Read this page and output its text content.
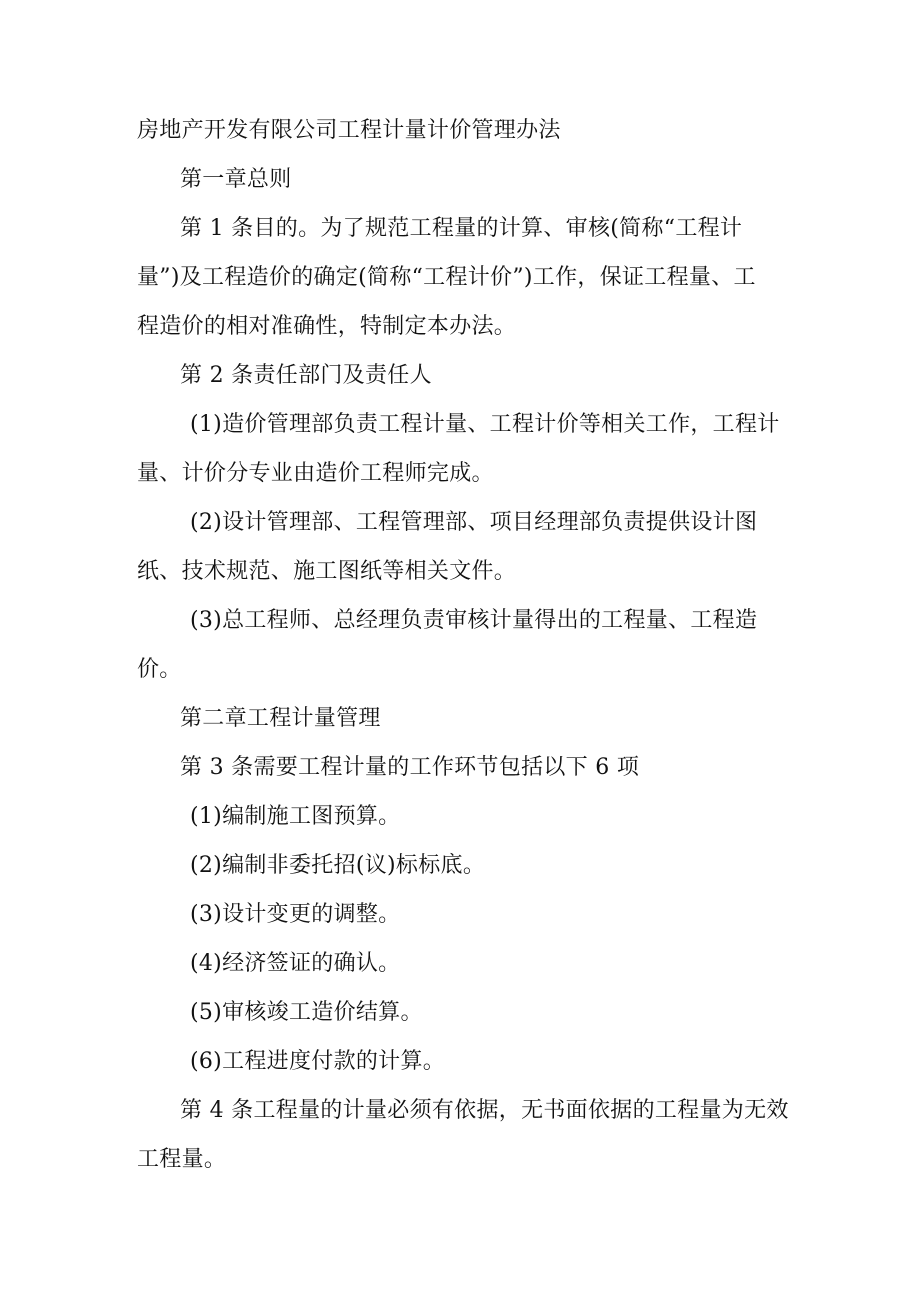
房地产开发有限公司工程计量计价管理办法
第一章总则
第 1 条目的。为了规范工程量的计算、审核(简称“工程计
量”)及工程造价的确定(简称“工程计价”)工作，保证工程量、工
程造价的相对准确性，特制定本办法。
第 2 条责任部门及责任人
(1)造价管理部负责工程计量、工程计价等相关工作，工程计
量、计价分专业由造价工程师完成。
(2)设计管理部、工程管理部、项目经理部负责提供设计图
纸、技术规范、施工图纸等相关文件。
(3)总工程师、总经理负责审核计量得出的工程量、工程造
价。
第二章工程计量管理
第 3 条需要工程计量的工作环节包括以下 6 项
(1)编制施工图预算。
(2)编制非委托招(议)标标底。
(3)设计变更的调整。
(4)经济签证的确认。
(5)审核竣工造价结算。
(6)工程进度付款的计算。
第 4 条工程量的计量必须有依据，无书面依据的工程量为无效
工程量。
